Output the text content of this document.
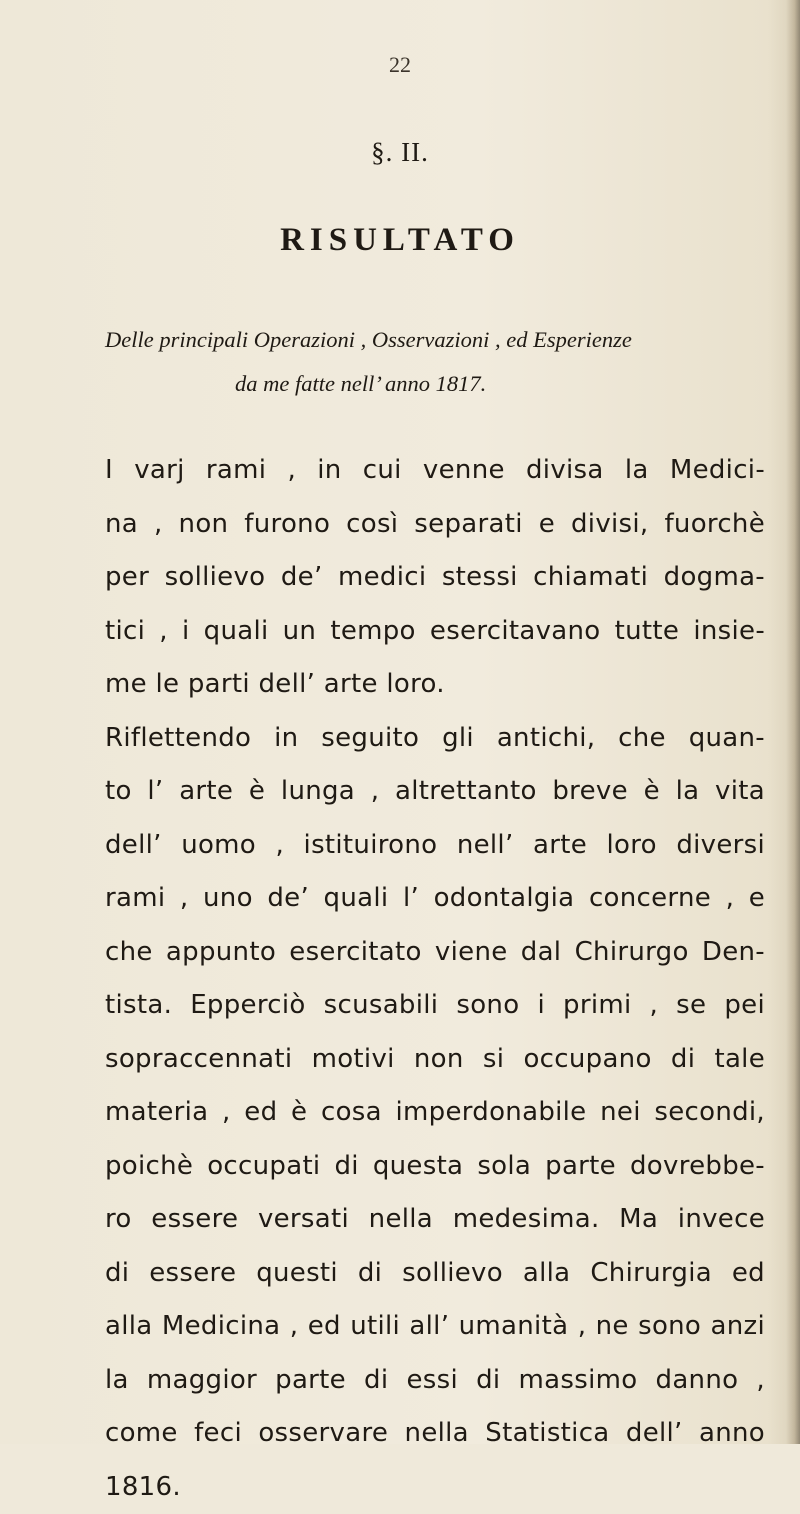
22
§. II.
RISULTATO
Delle principali Operazioni , Osservazioni , ed Esperienze
da me fatte nell’ anno 1817.
I varj rami , in cui venne divisa la Medici-
na , non furono così separati e divisi, fuorchè
per sollievo de’ medici stessi chiamati dogma-
tici , i quali un tempo esercitavano tutte insie-
me le parti dell’ arte loro.
Riflettendo in seguito gli antichi, che quan-
to l’ arte è lunga , altrettanto breve è la vita
dell’ uomo , istituirono nell’ arte loro diversi
rami , uno de’ quali l’ odontalgia concerne , e
che appunto esercitato viene dal Chirurgo Den-
tista. Epperciò scusabili sono i primi , se pei
sopraccennati motivi non si occupano di tale
materia , ed è cosa imperdonabile nei secondi,
poichè occupati di questa sola parte dovrebbe-
ro essere versati nella medesima. Ma invece
di essere questi di sollievo alla Chirurgia ed
alla Medicina , ed utili all’ umanità , ne sono anzi
la maggior parte di essi di massimo danno ,
come feci osservare nella Statistica dell’ anno
1816.
